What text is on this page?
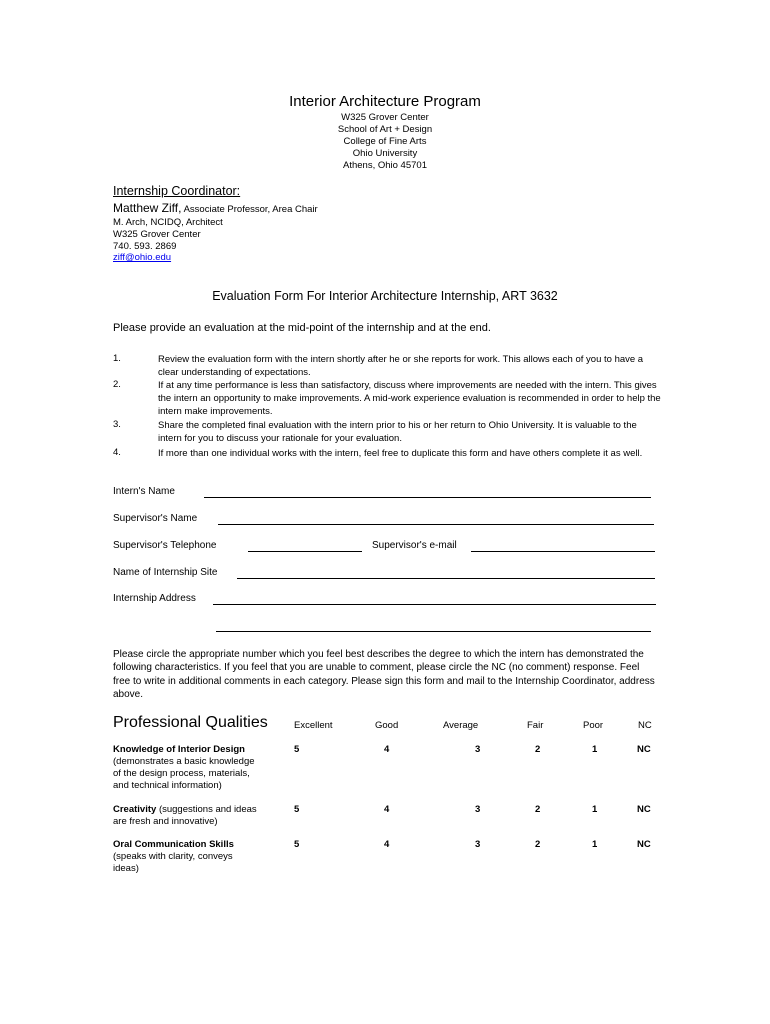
Interior Architecture Program
W325 Grover Center
School of Art + Design
College of Fine Arts
Ohio University
Athens, Ohio 45701
Internship Coordinator:
Matthew Ziff, Associate Professor, Area Chair
M. Arch, NCIDQ, Architect
W325 Grover Center
740. 593. 2869
ziff@ohio.edu
Evaluation Form For Interior Architecture Internship, ART 3632
Please provide an evaluation at the mid-point of the internship and at the end.
1.	Review the evaluation form with the intern shortly after he or she reports for work. This allows each of you to have a clear understanding of expectations.
2.	If at any time performance is less than satisfactory, discuss where improvements are needed with the intern. This gives the intern an opportunity to make improvements. A mid-work experience evaluation is recommended in order to help the intern make improvements.
3.	Share the completed final evaluation with the intern prior to his or her return to Ohio University. It is valuable to the intern for you to discuss your rationale for your evaluation.
4.	If more than one individual works with the intern, feel free to duplicate this form and have others complete it as well.
Intern's Name
Supervisor's Name
Supervisor's Telephone	Supervisor's e-mail
Name of Internship Site
Internship Address
Please circle the appropriate number which you feel best describes the degree to which the intern has demonstrated the following characteristics. If you feel that you are unable to comment, please circle the NC (no comment) response. Feel free to write in additional comments in each category. Please sign this form and mail to the Internship Coordinator, address above.
Professional Qualities	Excellent	Good	Average	Fair	Poor	NC
Knowledge of Interior Design
(demonstrates a basic knowledge of the design process, materials, and technical information)
5	4	3	2	1	NC
Creativity (suggestions and ideas are fresh and innovative)
5	4	3	2	1	NC
Oral Communication Skills
(speaks with clarity, conveys ideas)
5	4	3	2	1	NC
